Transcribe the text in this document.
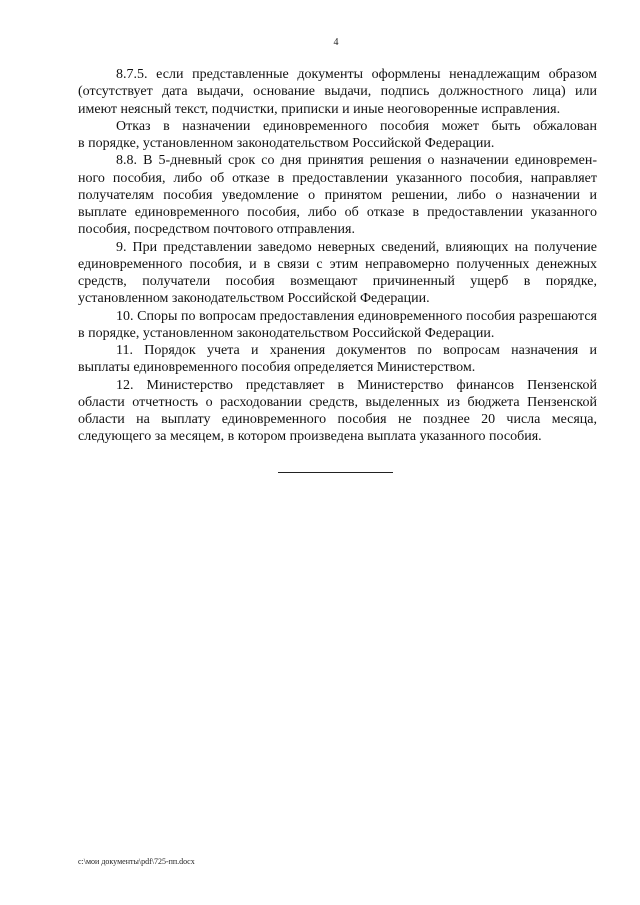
4
8.7.5. если представленные документы оформлены ненадлежащим образом
(отсутствует дата выдачи, основание выдачи, подпись должностного лица) или
имеют неясный текст, подчистки, приписки и иные неоговоренные исправления.
Отказ в назначении единовременного пособия может быть обжалован
в порядке, установленном законодательством Российской Федерации.
8.8. В 5-дневный срок со дня принятия решения о назначении единовремен-
ного пособия, либо об отказе в предоставлении указанного пособия, направляет
получателям пособия уведомление о принятом решении, либо о назначении и
выплате единовременного пособия, либо об отказе в предоставлении указанного
пособия, посредством почтового отправления.
9. При представлении заведомо неверных сведений, влияющих на получение
единовременного пособия, и в связи с этим неправомерно полученных денежных
средств, получатели пособия возмещают причиненный ущерб в порядке,
установленном законодательством Российской Федерации.
10. Споры по вопросам предоставления единовременного пособия разрешаются
в порядке, установленном законодательством Российской Федерации.
11. Порядок учета и хранения документов по вопросам назначения и
выплаты единовременного пособия определяется Министерством.
12. Министерство представляет в Министерство финансов Пензенской
области отчетность о расходовании средств, выделенных из бюджета Пензенской
области на выплату единовременного пособия не позднее 20 числа месяца,
следующего за месяцем, в котором произведена выплата указанного пособия.
c:\мои документы\pdf\725-пп.docx
